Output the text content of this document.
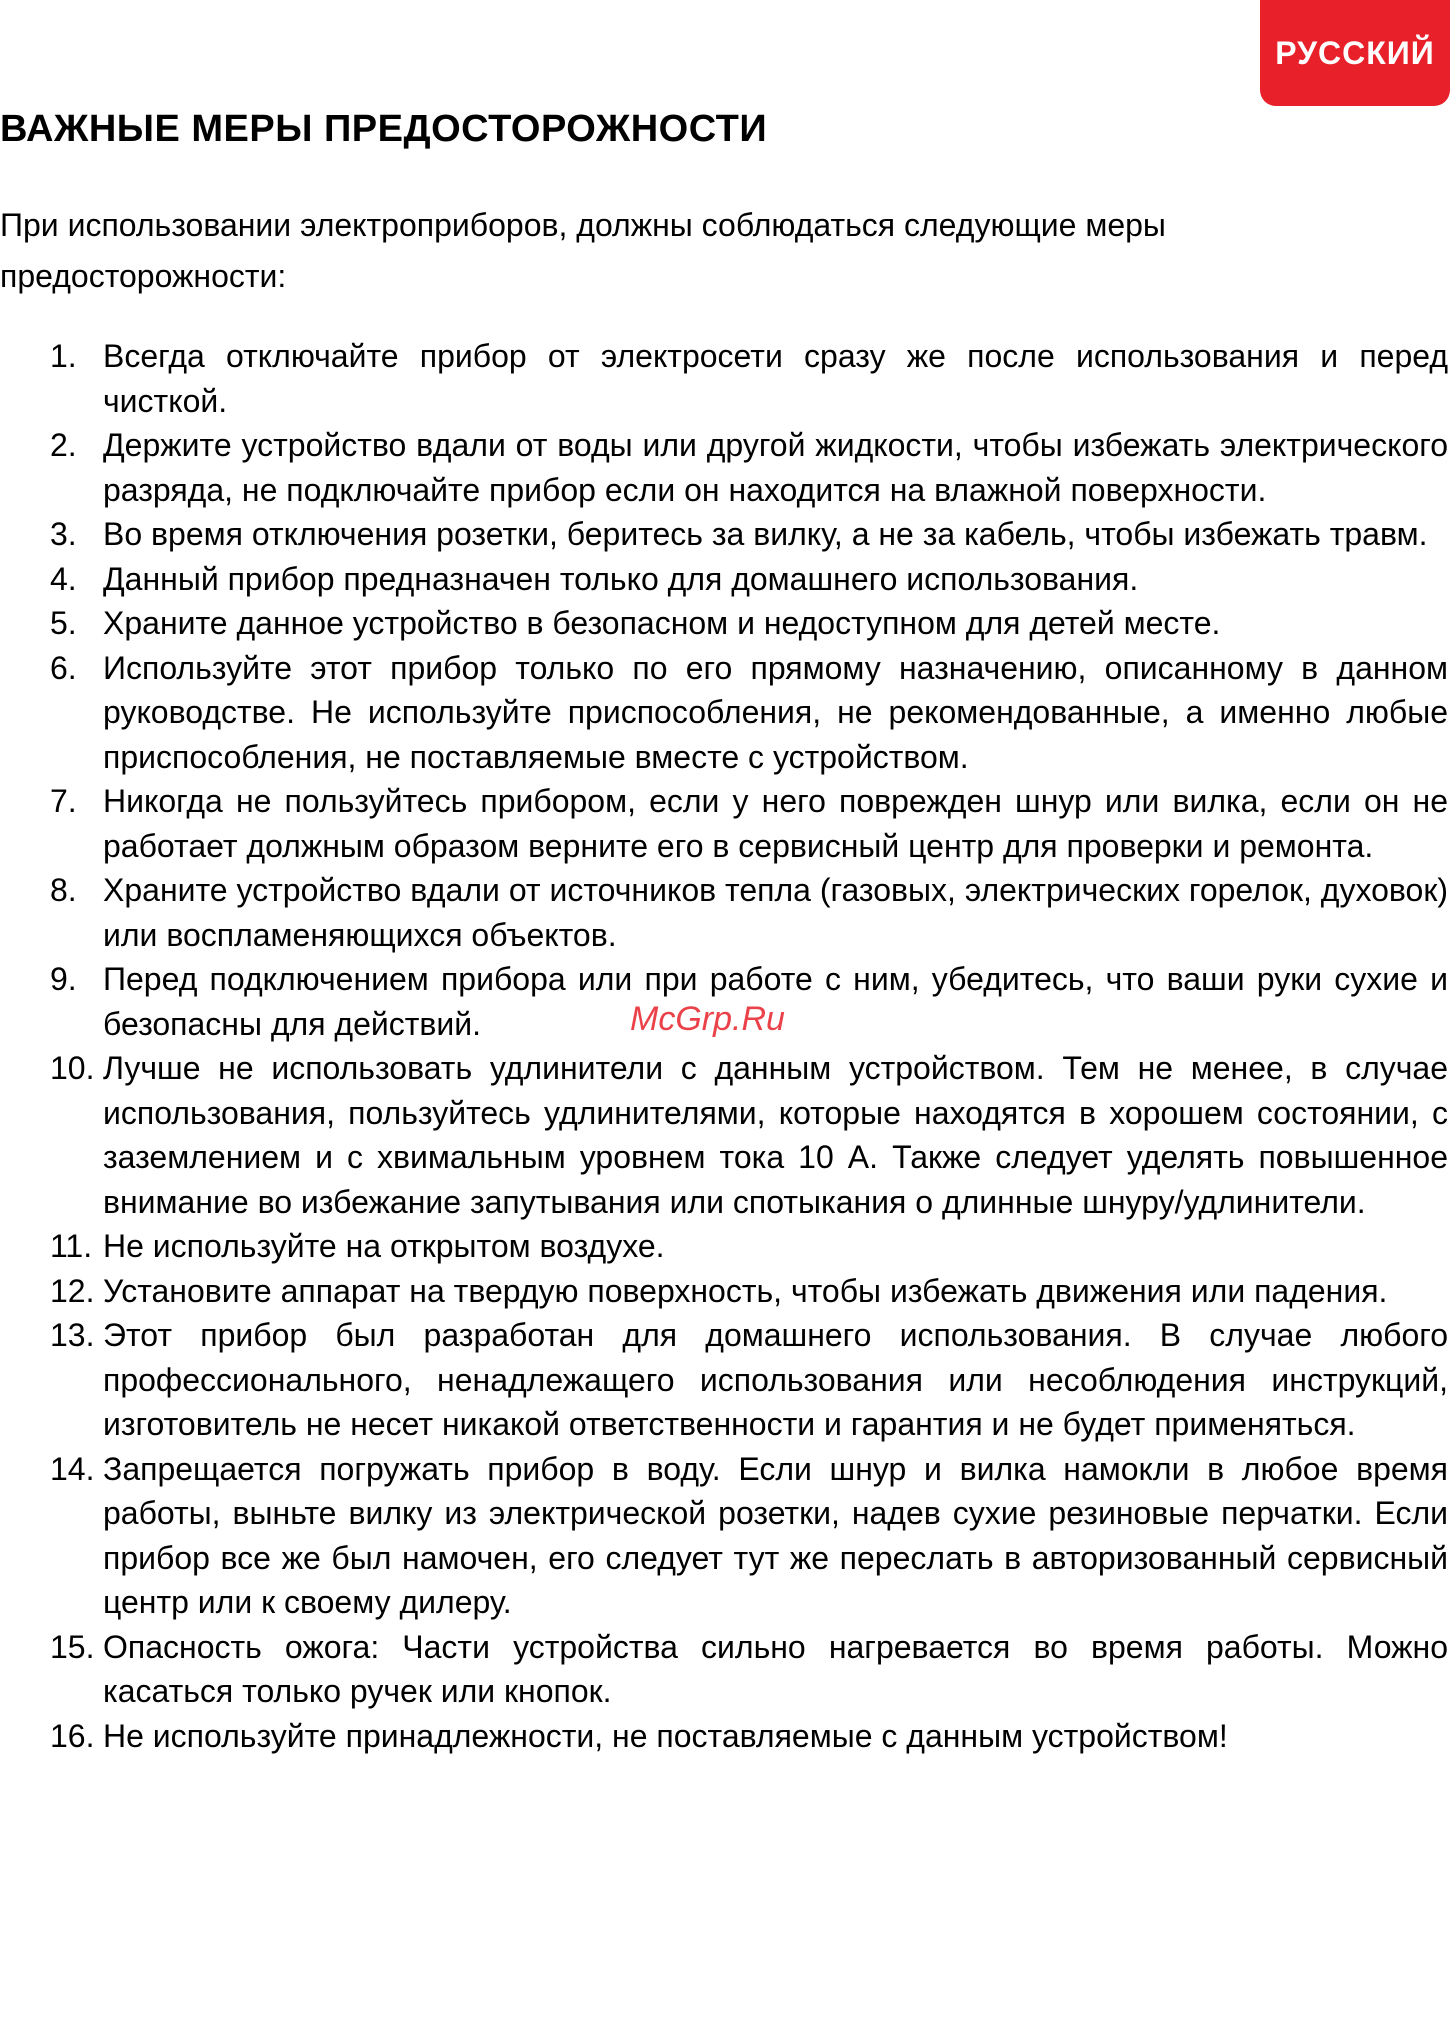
РУССКИЙ
ВАЖНЫЕ МЕРЫ ПРЕДОСТОРОЖНОСТИ

При использовании электроприборов, должны соблюдаться следующие меры предосторожности:

1. Всегда отключайте прибор от электросети сразу же после использования и перед чисткой.
2. Держите устройство вдали от воды или другой жидкости, чтобы избежать электрического разряда, не подключайте прибор если он находится на влажной поверхности.
3. Во время отключения розетки, беритесь за вилку, а не за кабель, чтобы избежать травм.
4. Данный прибор предназначен только для домашнего использования.
5. Храните данное устройство в безопасном и недоступном для детей месте.
6. Используйте этот прибор только по его прямому назначению, описанному в данном руководстве. Не используйте приспособления, не рекомендованные, а именно любые приспособления, не поставляемые вместе с устройством.
7. Никогда не пользуйтесь прибором, если у него поврежден шнур или вилка, если он не работает должным образом верните его в сервисный центр для проверки и ремонта.
8. Храните устройство вдали от источников тепла (газовых, электрических горелок, духовок) или воспламеняющихся объектов.
9. Перед подключением прибора или при работе с ним, убедитесь, что ваши руки сухие и безопасны для действий.
10. Лучше не использовать удлинители с данным устройством. Тем не менее, в случае использования, пользуйтесь удлинителями, которые находятся в хорошем состоянии, с заземлением и с хвимальным уровнем тока 10 А. Также следует уделять повышенное внимание во избежание запутывания или спотыкания о длинные шнуру/удлинители.
11. Не используйте на открытом воздухе.
12. Установите аппарат на твердую поверхность, чтобы избежать движения или падения.
13. Этот прибор был разработан для домашнего использования. В случае любого профессионального, ненадлежащего использования или несоблюдения инструкций, изготовитель не несет никакой ответственности и гарантия и не будет применяться.
14. Запрещается погружать прибор в воду. Если шнур и вилка намокли в любое время работы, выньте вилку из электрической розетки, надев сухие резиновые перчатки. Если прибор все же был намочен, его следует тут же переслать в авторизованный сервисный центр или к своему дилеру.
15. Опасность ожога: Части устройства сильно нагревается во время работы. Можно касаться только ручек или кнопок.
16. Не используйте принадлежности, не поставляемые с данным устройством!
McGrp.Ru
